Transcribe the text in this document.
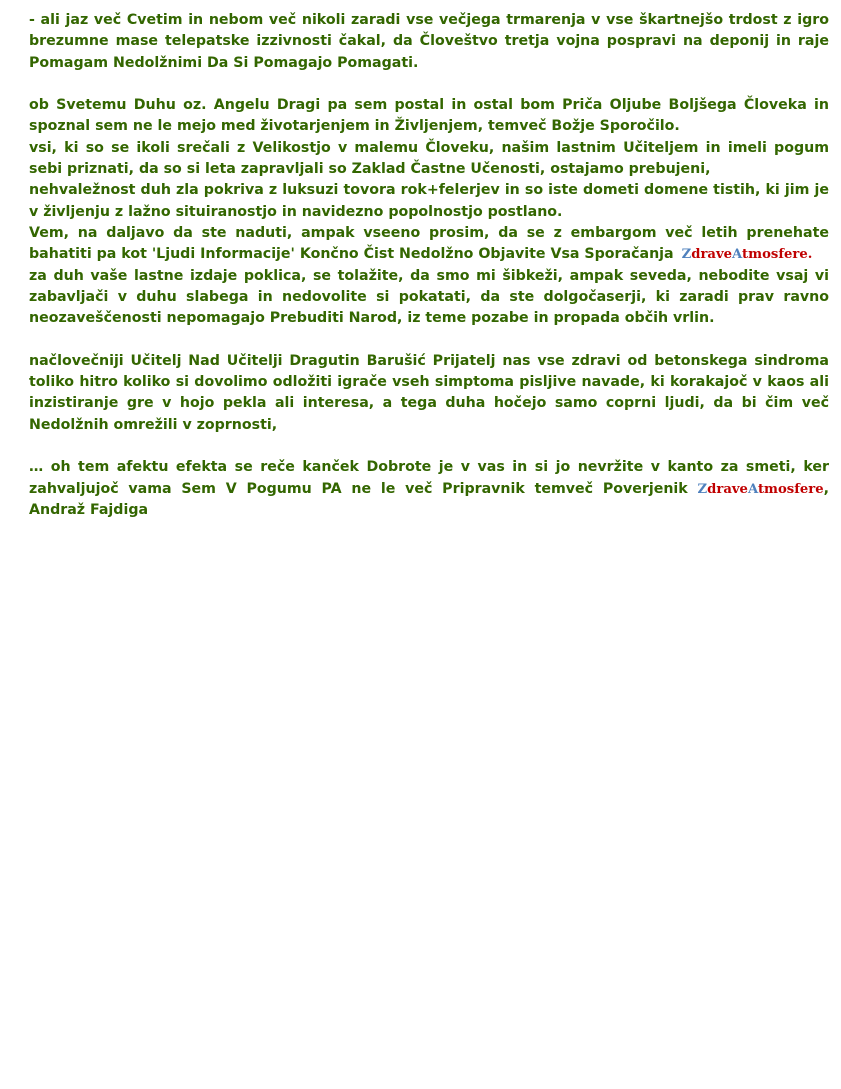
- ali jaz več Cvetim in nebom več nikoli zaradi vse večjega trmarenja v vse škartnejšo trdost z igro brezumne mase telepatske izzivnosti čakal, da Človeštvo tretja vojna pospravi na deponij in raje Pomagam Nedolžnimi Da Si Pomagajo Pomagati.

ob Svetemu Duhu oz. Angelu Dragi pa sem postal in ostal bom Priča Oljube Boljšega Človeka in spoznal sem ne le mejo med životarjenjem in Življenjem, temveč Božje Sporočilo.
vsi, ki so se ikoli srečali z Velikostjo v malemu Človeku, našim lastnim Učiteljem in imeli pogum sebi priznati, da so si leta zapravljali so Zaklad Častne Učenosti, ostajamo prebujeni,
nehvaležnost duh zla pokriva z luksuzi tovora rok+felerjev in so iste dometi domene tistih, ki jim je v življenju z lažno situiranostjo in navidezno popolnostjo postlano.
Vem, na daljavo da ste naduti, ampak vseeno prosim, da se z embargom več letih prenehate bahatiti pa kot 'Ljudi Informacije' Končno Čist Nedolžno Objavite Vsa Sporačanja ZdraveAtmosfere.
za duh vaše lastne izdaje poklica, se tolažite, da smo mi šibkeži, ampak seveda, nebodite vsaj vi zabavljači v duhu slabega in nedovolite si pokatati, da ste dolgočaserji, ki zaradi prav ravno neozaveščenosti nepomagajo Prebuditi Narod, iz teme pozabe in propada občih vrlin.

načlovečniji Učitelj Nad Učitelji Dragutin Barušić Prijatelj nas vse zdravi od betonskega sindroma toliko hitro koliko si dovolimo odložiti igrače vseh simptoma pisljive navade, ki korakajoč v kaos ali inzistiranje gre v hojo pekla ali interesa, a tega duha hočejo samo coprni ljudi, da bi čim več Nedolžnih omrežili v zoprnosti,

… oh tem afektu efekta se reče kanček Dobrote je v vas in si jo nevržite v kanto za smeti, ker zahvaljujoč vama Sem V Pogumu PA ne le več Pripravnik temveč Poverjenik ZdraveAtmosfere, Andraž Fajdiga
